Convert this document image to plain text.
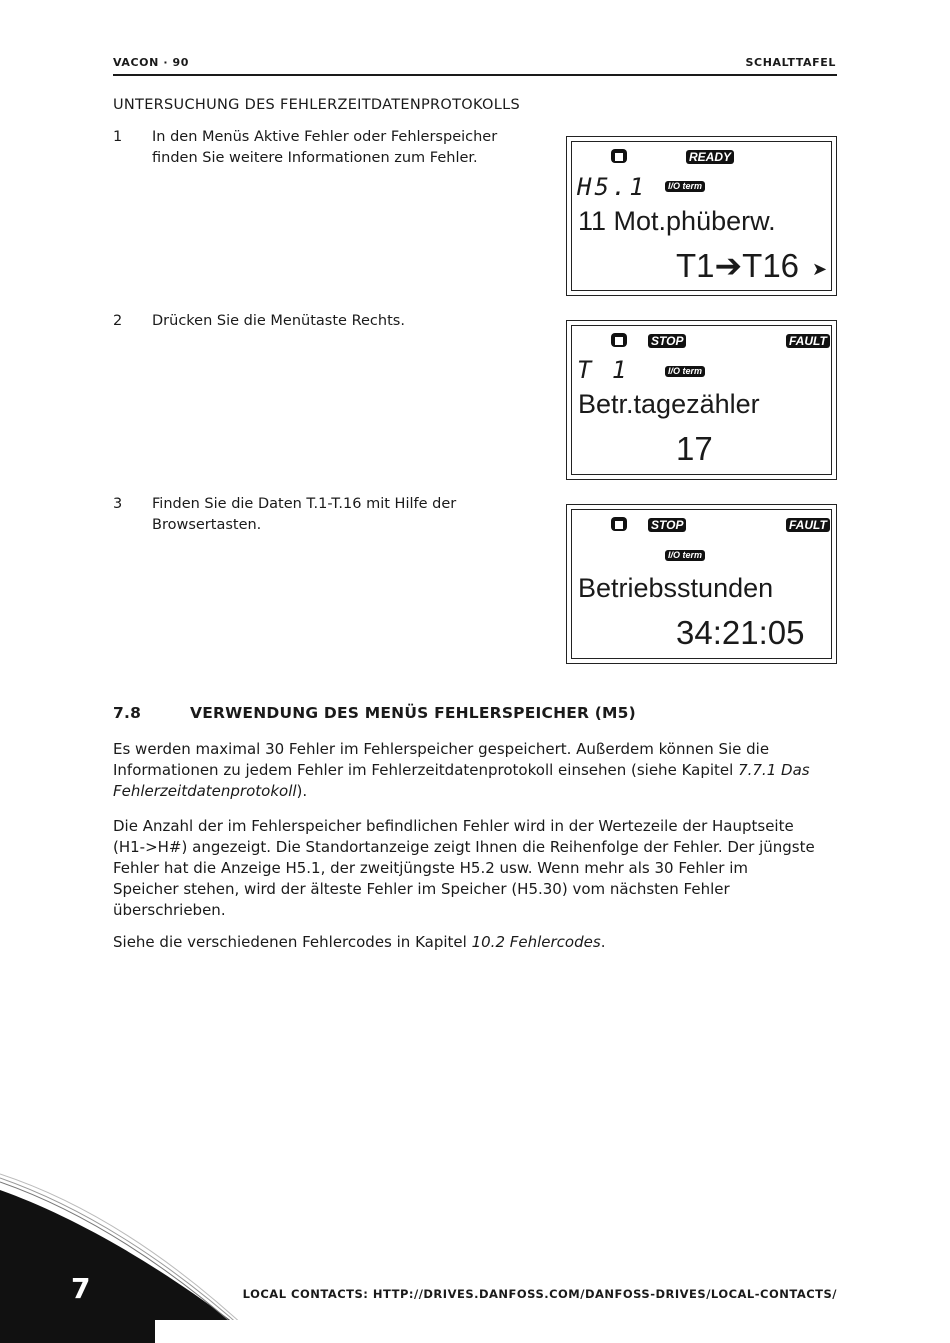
VACON · 90	SCHALTTAFEL
UNTERSUCHUNG DES FEHLERZEITDATENPROTOKOLLS
1 In den Menüs Aktive Fehler oder Fehlerspeicher
finden Sie weitere Informationen zum Fehler.
2 Drücken Sie die Menütaste Rechts.
3 Finden Sie die Daten T.1-T.16 mit Hilfe der
Browsertasten.
READY
H5.1	I/O term
11 Mot.phüberw.
T1➔T16 ➤
STOP	FAULT
T 1	I/O term
Betr.tagezähler
17
STOP	FAULT
I/O term
Betriebsstunden
34:21:05
7.8	VERWENDUNG DES MENÜS FEHLERSPEICHER (M5)
Es werden maximal 30 Fehler im Fehlerspeicher gespeichert. Außerdem können Sie die
Informationen zu jedem Fehler im Fehlerzeitdatenprotokoll einsehen (siehe Kapitel 7.7.1 Das
Fehlerzeitdatenprotokoll).
Die Anzahl der im Fehlerspeicher befindlichen Fehler wird in der Wertezeile der Hauptseite
(H1->H#) angezeigt. Die Standortanzeige zeigt Ihnen die Reihenfolge der Fehler. Der jüngste
Fehler hat die Anzeige H5.1, der zweitjüngste H5.2 usw. Wenn mehr als 30 Fehler im
Speicher stehen, wird der älteste Fehler im Speicher (H5.30) vom nächsten Fehler
überschrieben.
Siehe die verschiedenen Fehlercodes in Kapitel 10.2 Fehlercodes.
7	LOCAL CONTACTS: HTTP://DRIVES.DANFOSS.COM/DANFOSS-DRIVES/LOCAL-CONTACTS/
